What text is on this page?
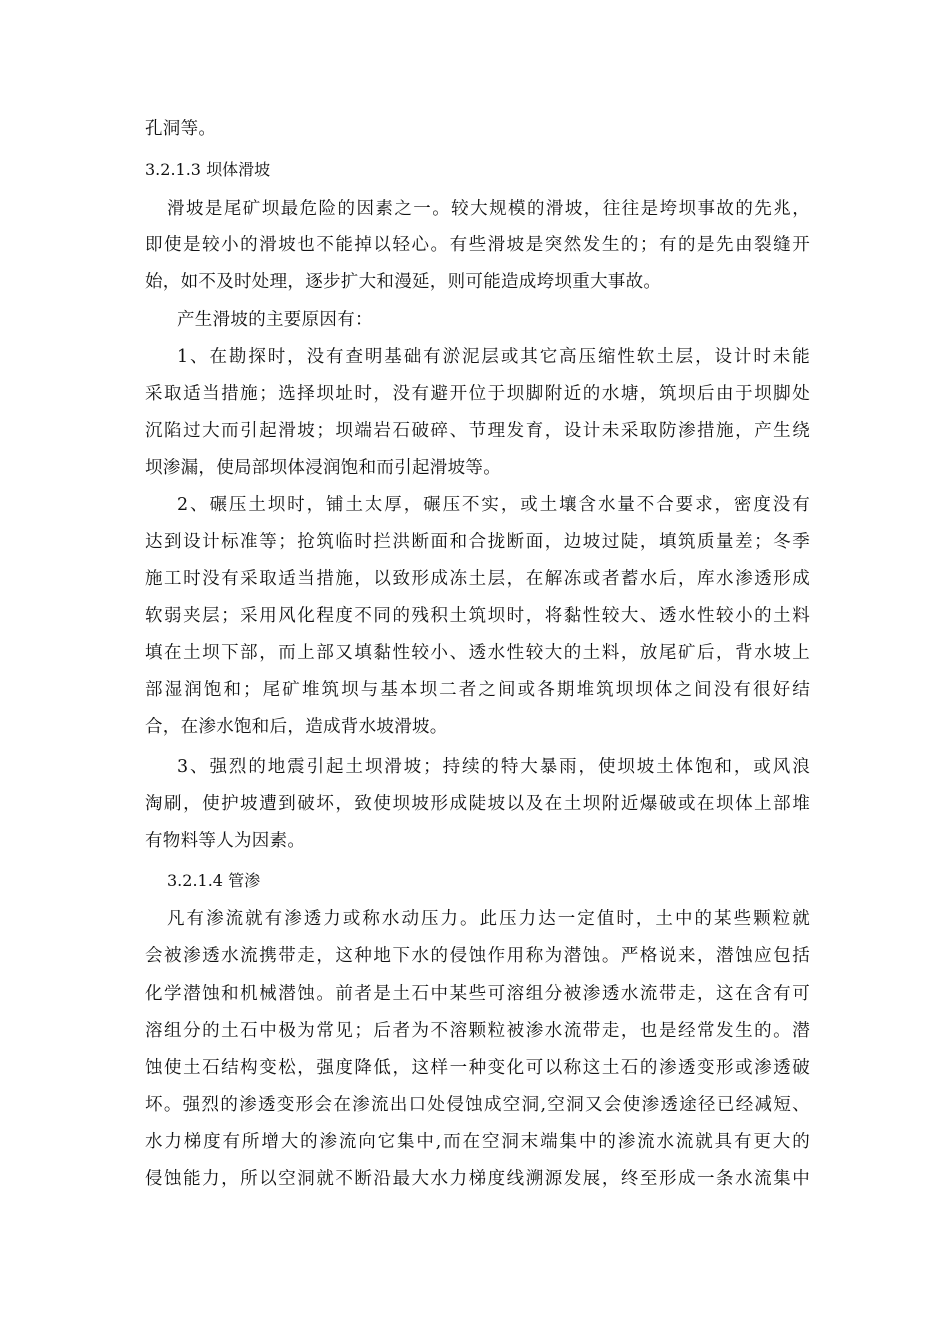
孔洞等。
3.2.1.3 坝体滑坡
滑坡是尾矿坝最危险的因素之一。较大规模的滑坡，往往是垮坝事故的先兆，
即使是较小的滑坡也不能掉以轻心。有些滑坡是突然发生的；有的是先由裂缝开
始，如不及时处理，逐步扩大和漫延，则可能造成垮坝重大事故。
产生滑坡的主要原因有：
1、在勘探时，没有查明基础有淤泥层或其它高压缩性软土层，设计时未能
采取适当措施；选择坝址时，没有避开位于坝脚附近的水塘，筑坝后由于坝脚处
沉陷过大而引起滑坡；坝端岩石破碎、节理发育，设计未采取防渗措施，产生绕
坝渗漏，使局部坝体浸润饱和而引起滑坡等。
2、碾压土坝时，铺土太厚，碾压不实，或土壤含水量不合要求，密度没有
达到设计标准等；抢筑临时拦洪断面和合拢断面，边坡过陡，填筑质量差；冬季
施工时没有采取适当措施，以致形成冻土层，在解冻或者蓄水后，库水渗透形成
软弱夹层；采用风化程度不同的残积土筑坝时，将黏性较大、透水性较小的土料
填在土坝下部，而上部又填黏性较小、透水性较大的土料，放尾矿后，背水坡上
部湿润饱和；尾矿堆筑坝与基本坝二者之间或各期堆筑坝坝体之间没有很好结
合，在渗水饱和后，造成背水坡滑坡。
3、强烈的地震引起土坝滑坡；持续的特大暴雨，使坝坡土体饱和，或风浪
淘刷，使护坡遭到破坏，致使坝坡形成陡坡以及在土坝附近爆破或在坝体上部堆
有物料等人为因素。
3.2.1.4 管渗
凡有渗流就有渗透力或称水动压力。此压力达一定值时，土中的某些颗粒就
会被渗透水流携带走，这种地下水的侵蚀作用称为潜蚀。严格说来，潜蚀应包括
化学潜蚀和机械潜蚀。前者是土石中某些可溶组分被渗透水流带走，这在含有可
溶组分的土石中极为常见；后者为不溶颗粒被渗水流带走，也是经常发生的。潜
蚀使土石结构变松，强度降低，这样一种变化可以称这土石的渗透变形或渗透破
坏。强烈的渗透变形会在渗流出口处侵蚀成空洞,空洞又会使渗透途径已经减短、
水力梯度有所增大的渗流向它集中,而在空洞末端集中的渗流水流就具有更大的
侵蚀能力，所以空洞就不断沿最大水力梯度线溯源发展，终至形成一条水流集中
